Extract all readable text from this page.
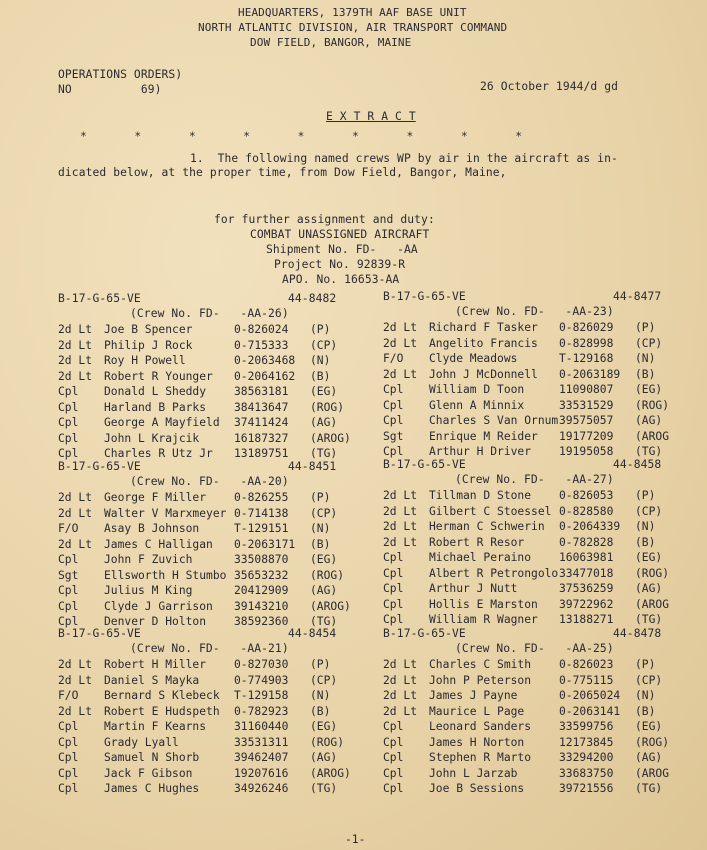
HEADQUARTERS, 1379TH AAF BASE UNIT
NORTH ATLANTIC DIVISION, AIR TRANSPORT COMMAND
DOW FIELD, BANGOR, MAINE
OPERATIONS ORDERS)
NO          69)	26 October 1944/d gd
E X T R A C T
*       *       *       *       *       *       *       *       *
1.  The following named crews WP by air in the aircraft as in-
dicated below, at the proper time, from Dow Field, Bangor, Maine,
for further assignment and duty:
COMBAT UNASSIGNED AIRCRAFT
Shipment No. FD-   -AA
Project No. 92839-R
APO. No. 16653-AA
B-17-G-65-VE	44-8482
(Crew No. FD-   -AA-26)
2d Lt Joe B Spencer	0-826024 (P)
2d Lt Philip J Rock	0-715333 (CP)
2d Lt Roy H Powell	0-2063468 (N)
2d Lt Robert R Younger 0-2064162 (B)
Cpl Donald L Sheddy 38563181 (EG)
Cpl Harland B Parks 38413647 (ROG)
Cpl George A Mayfield 37411424 (AG)
Cpl John L Krajcik	16187327 (AROG)
Cpl Charles R Utz Jr 13189751 (TG)
B-17-G-65-VE	44-8477
(Crew No. FD-   -AA-23)
2d Lt Richard F Tasker 0-826029 (P)
2d Lt Angelito Francis 0-828998 (CP)
F/O Clyde Meadows	T-129168 (N)
2d Lt John J McDonnell 0-2063189 (B)
Cpl William D Toon	11090807 (EG)
Cpl Glenn A Minnix	33531529 (ROG)
Cpl Charles S Van Ornum 39575057 (AG)
Sgt Enrique M Reider 19177209 (AROG
Cpl Arthur H Driver 19195058 (TG)
B-17-G-65-VE	44-8451
(Crew No. FD-   -AA-20)
2d Lt George F Miller 0-826255 (P)
2d Lt Walter V Marxmeyer 0-714138 (CP)
F/O Asay B Johnson	T-129151 (N)
2d Lt James C Halligan 0-2063171 (B)
Cpl John F Zuvich	33508870 (EG)
Sgt Ellsworth H Stumbo 35653232 (ROG)
Cpl Julius M King	20412909 (AG)
Cpl Clyde J Garrison 39143210 (AROG)
Cpl Denver D Holton 38592360 (TG)
B-17-G-65-VE	44-8458
(Crew No. FD-   -AA-27)
2d Lt Tillman D Stone 0-826053 (P)
2d Lt Gilbert C Stoessel 0-828580 (CP)
2d Lt Herman C Schwerin 0-2064339 (N)
2d Lt Robert R Resor	0-782828 (B)
Cpl Michael Peraino 16063981 (EG)
Cpl Albert R Petrongolo 33477018 (ROG)
Cpl Arthur J Nutt	37536259 (AG)
Cpl Hollis E Marston 39722962 (AROG
Cpl William R Wagner 13188271 (TG)
B-17-G-65-VE	44-8454
(Crew No. FD-   -AA-21)
2d Lt Robert H Miller 0-827030 (P)
2d Lt Daniel S Mayka	0-774903 (CP)
F/O Bernard S Klebeck T-129158 (N)
2d Lt Robert E Hudspeth 0-782923 (B)
Cpl Martin F Kearns 31160440 (EG)
Cpl Grady Lyall	33531311 (ROG)
Cpl Samuel N Shorb	39462407 (AG)
Cpl Jack F Gibson	19207616 (AROG)
Cpl James C Hughes	34926246 (TG)
B-17-G-65-VE	44-8478
(Crew No. FD-   -AA-25)
2d Lt Charles C Smith 0-826023 (P)
2d Lt John P Peterson 0-775115 (CP)
2d Lt James J Payne	0-2065024 (N)
2d Lt Maurice L Page	0-2063141 (B)
Cpl Leonard Sanders 33599756 (EG)
Cpl James H Norton	12173845 (ROG)
Cpl Stephen R Marto 33294200 (AG)
Cpl John L Jarzab	33683750 (AROG
Cpl Joe B Sessions	39721556 (TG)
-1-
